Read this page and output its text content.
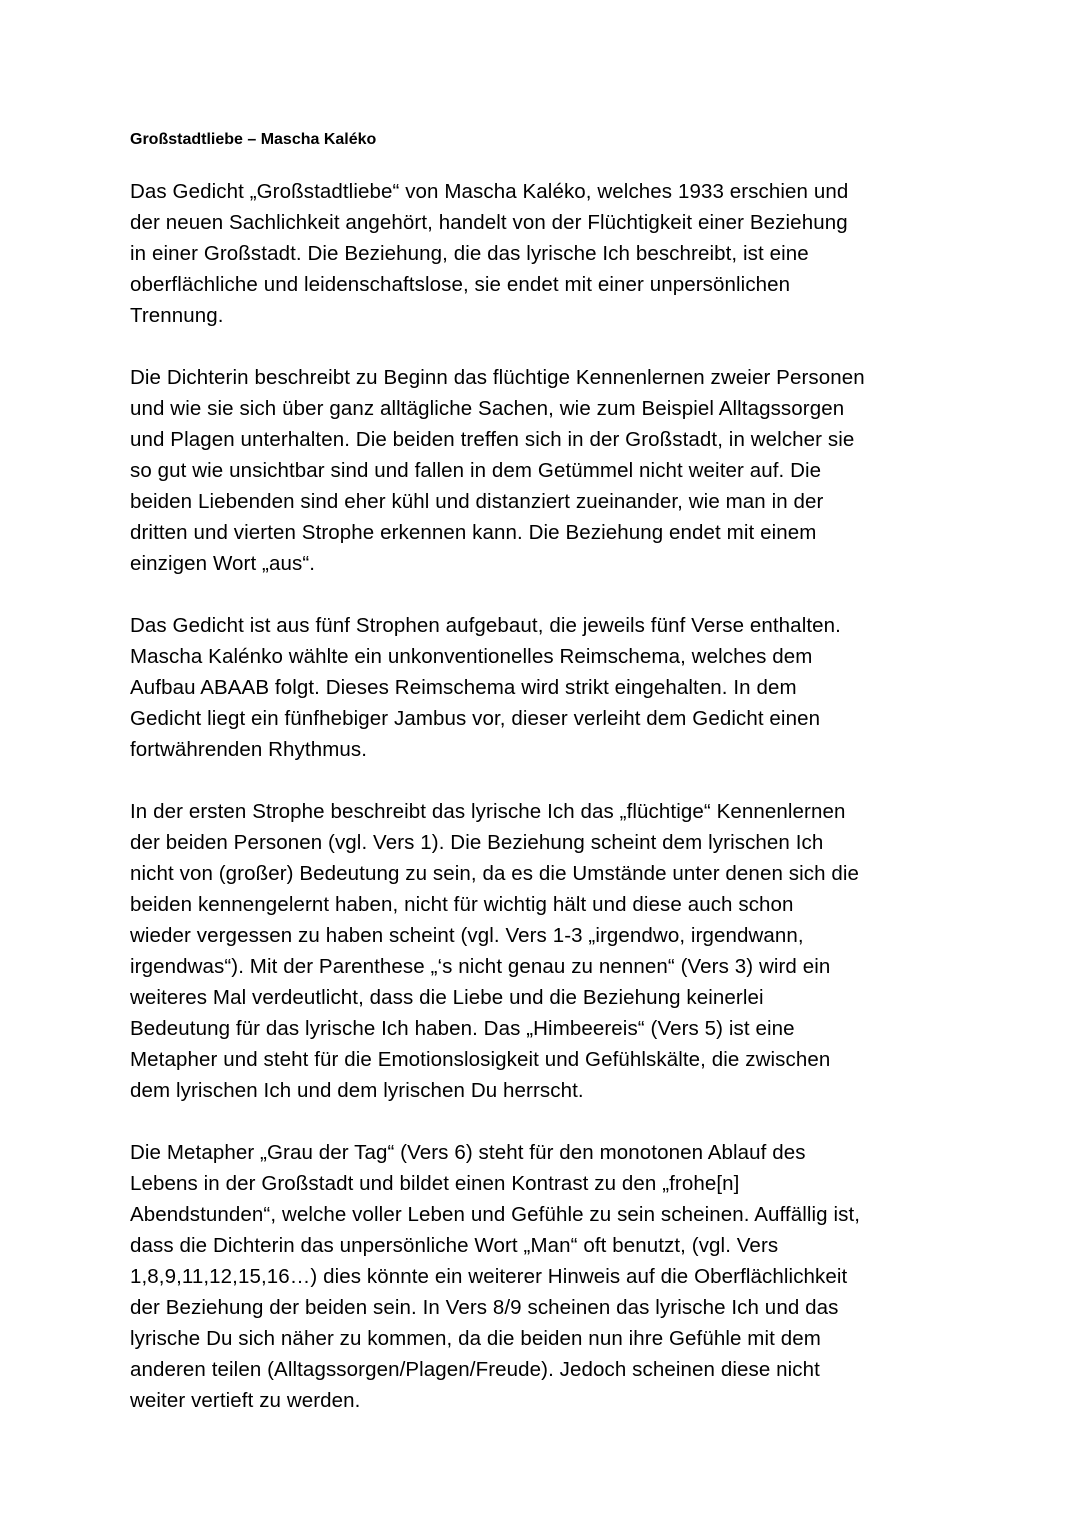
Großstadtliebe – Mascha Kaléko
Das Gedicht „Großstadtliebe“ von Mascha Kaléko, welches 1933 erschien und
der neuen Sachlichkeit angehört, handelt von der Flüchtigkeit einer Beziehung
in einer Großstadt. Die Beziehung, die das lyrische Ich beschreibt, ist eine
oberflächliche und leidenschaftslose, sie endet mit einer unpersönlichen
Trennung.
Die Dichterin beschreibt zu Beginn das flüchtige Kennenlernen zweier Personen
und wie sie sich über ganz alltägliche Sachen, wie zum Beispiel Alltagssorgen
und Plagen unterhalten. Die beiden treffen sich in der Großstadt, in welcher sie
so gut wie unsichtbar sind und fallen in dem Getümmel nicht weiter auf. Die
beiden Liebenden sind eher kühl und distanziert zueinander, wie man in der
dritten und vierten Strophe erkennen kann. Die Beziehung endet mit einem
einzigen Wort „aus“.
Das Gedicht ist aus fünf Strophen aufgebaut, die jeweils fünf Verse enthalten.
Mascha Kalénko wählte ein unkonventionelles Reimschema, welches dem
Aufbau ABAAB folgt. Dieses Reimschema wird strikt eingehalten. In dem
Gedicht liegt ein fünfhebiger Jambus vor, dieser verleiht dem Gedicht einen
fortwährenden Rhythmus.
In der ersten Strophe beschreibt das lyrische Ich das „flüchtige“ Kennenlernen
der beiden Personen (vgl. Vers 1). Die Beziehung scheint dem lyrischen Ich
nicht von (großer) Bedeutung zu sein, da es die Umstände unter denen sich die
beiden kennengelernt haben, nicht für wichtig hält und diese auch schon
wieder vergessen zu haben scheint (vgl. Vers 1-3 „irgendwo, irgendwann,
irgendwas“). Mit der Parenthese „‘s nicht genau zu nennen“ (Vers 3) wird ein
weiteres Mal verdeutlicht, dass die Liebe und die Beziehung keinerlei
Bedeutung für das lyrische Ich haben. Das „Himbeereis“ (Vers 5) ist eine
Metapher und steht für die Emotionslosigkeit und Gefühlskälte, die zwischen
dem lyrischen Ich und dem lyrischen Du herrscht.
Die Metapher „Grau der Tag“ (Vers 6) steht für den monotonen Ablauf des
Lebens in der Großstadt und bildet einen Kontrast zu den „frohe[n]
Abendstunden“, welche voller Leben und Gefühle zu sein scheinen. Auffällig ist,
dass die Dichterin das unpersönliche Wort „Man“ oft benutzt, (vgl. Vers
1,8,9,11,12,15,16…) dies könnte ein weiterer Hinweis auf die Oberflächlichkeit
der Beziehung der beiden sein. In Vers 8/9 scheinen das lyrische Ich und das
lyrische Du sich näher zu kommen, da die beiden nun ihre Gefühle mit dem
anderen teilen (Alltagssorgen/Plagen/Freude). Jedoch scheinen diese nicht
weiter vertieft zu werden.
